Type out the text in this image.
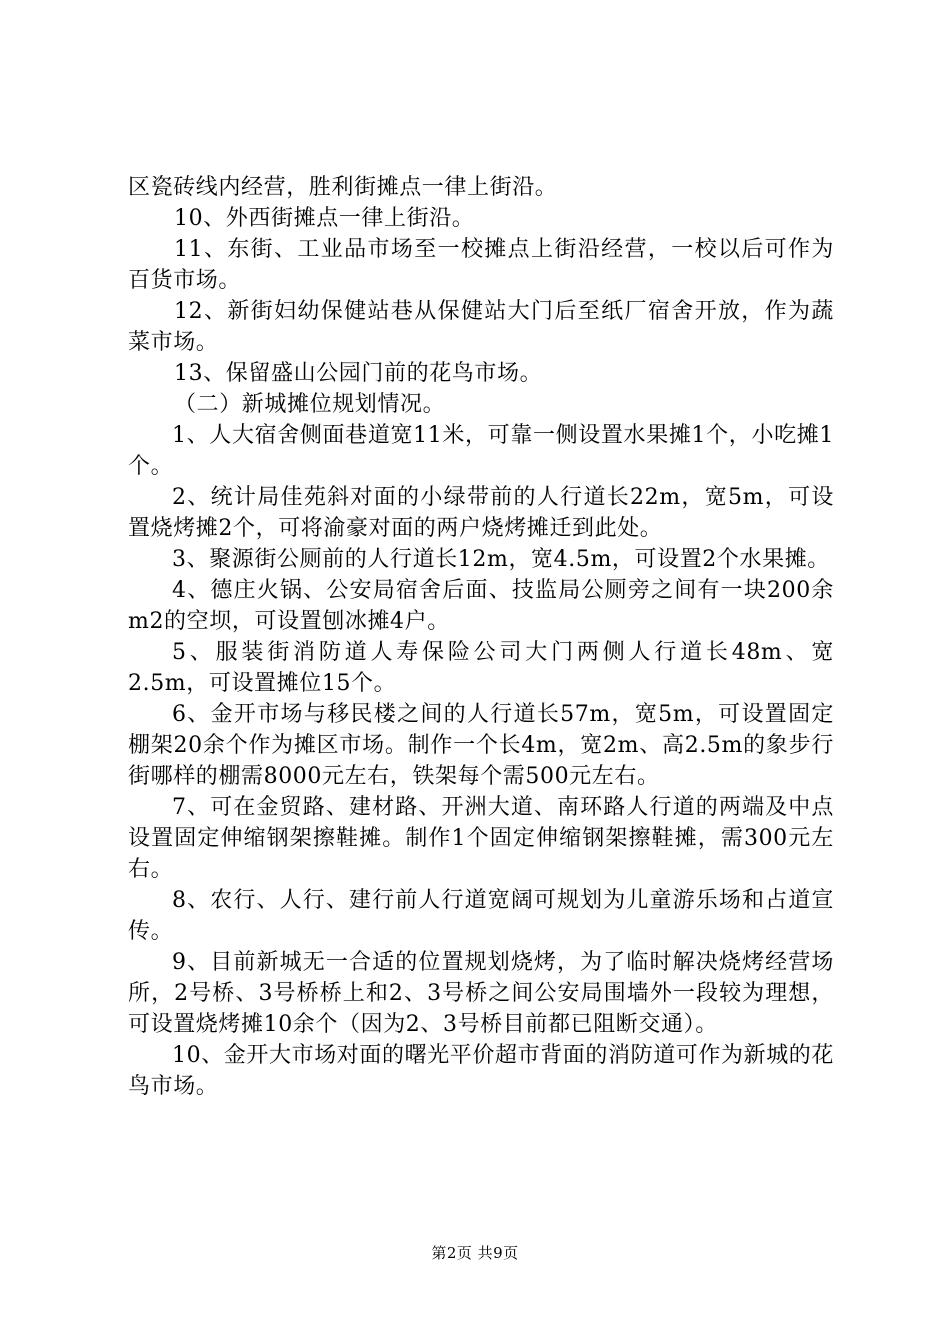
区瓷砖线内经营，胜利街摊点一律上街沿。

10、外西街摊点一律上街沿。

11、东街、工业品市场至一校摊点上街沿经营，一校以后可作为百货市场。

12、新街妇幼保健站巷从保健站大门后至纸厂宿舍开放，作为蔬菜市场。

13、保留盛山公园门前的花鸟市场。

（二）新城摊位规划情况。

1、人大宿舍侧面巷道宽11米，可靠一侧设置水果摊1个，小吃摊1个。

2、统计局佳苑斜对面的小绿带前的人行道长22m，宽5m，可设置烧烤摊2个，可将渝豪对面的两户烧烤摊迁到此处。

3、聚源街公厕前的人行道长12m，宽4.5m，可设置2个水果摊。

4、德庄火锅、公安局宿舍后面、技监局公厕旁之间有一块200余m2的空坝，可设置刨冰摊4户。

5、服装街消防道人寿保险公司大门两侧人行道长48m、宽2.5m，可设置摊位15个。

6、金开市场与移民楼之间的人行道长57m，宽5m，可设置固定棚架20余个作为摊区市场。制作一个长4m，宽2m、高2.5m的象步行街哪样的棚需8000元左右，铁架每个需500元左右。

7、可在金贸路、建材路、开洲大道、南环路人行道的两端及中点设置固定伸缩钢架擦鞋摊。制作1个固定伸缩钢架擦鞋摊，需300元左右。

8、农行、人行、建行前人行道宽阔可规划为儿童游乐场和占道宣传。

9、目前新城无一合适的位置规划烧烤，为了临时解决烧烤经营场所，2号桥、3号桥桥上和2、3号桥之间公安局围墙外一段较为理想，可设置烧烤摊10余个（因为2、3号桥目前都已阻断交通）。

10、金开大市场对面的曙光平价超市背面的消防道可作为新城的花鸟市场。

第2页 共9页
